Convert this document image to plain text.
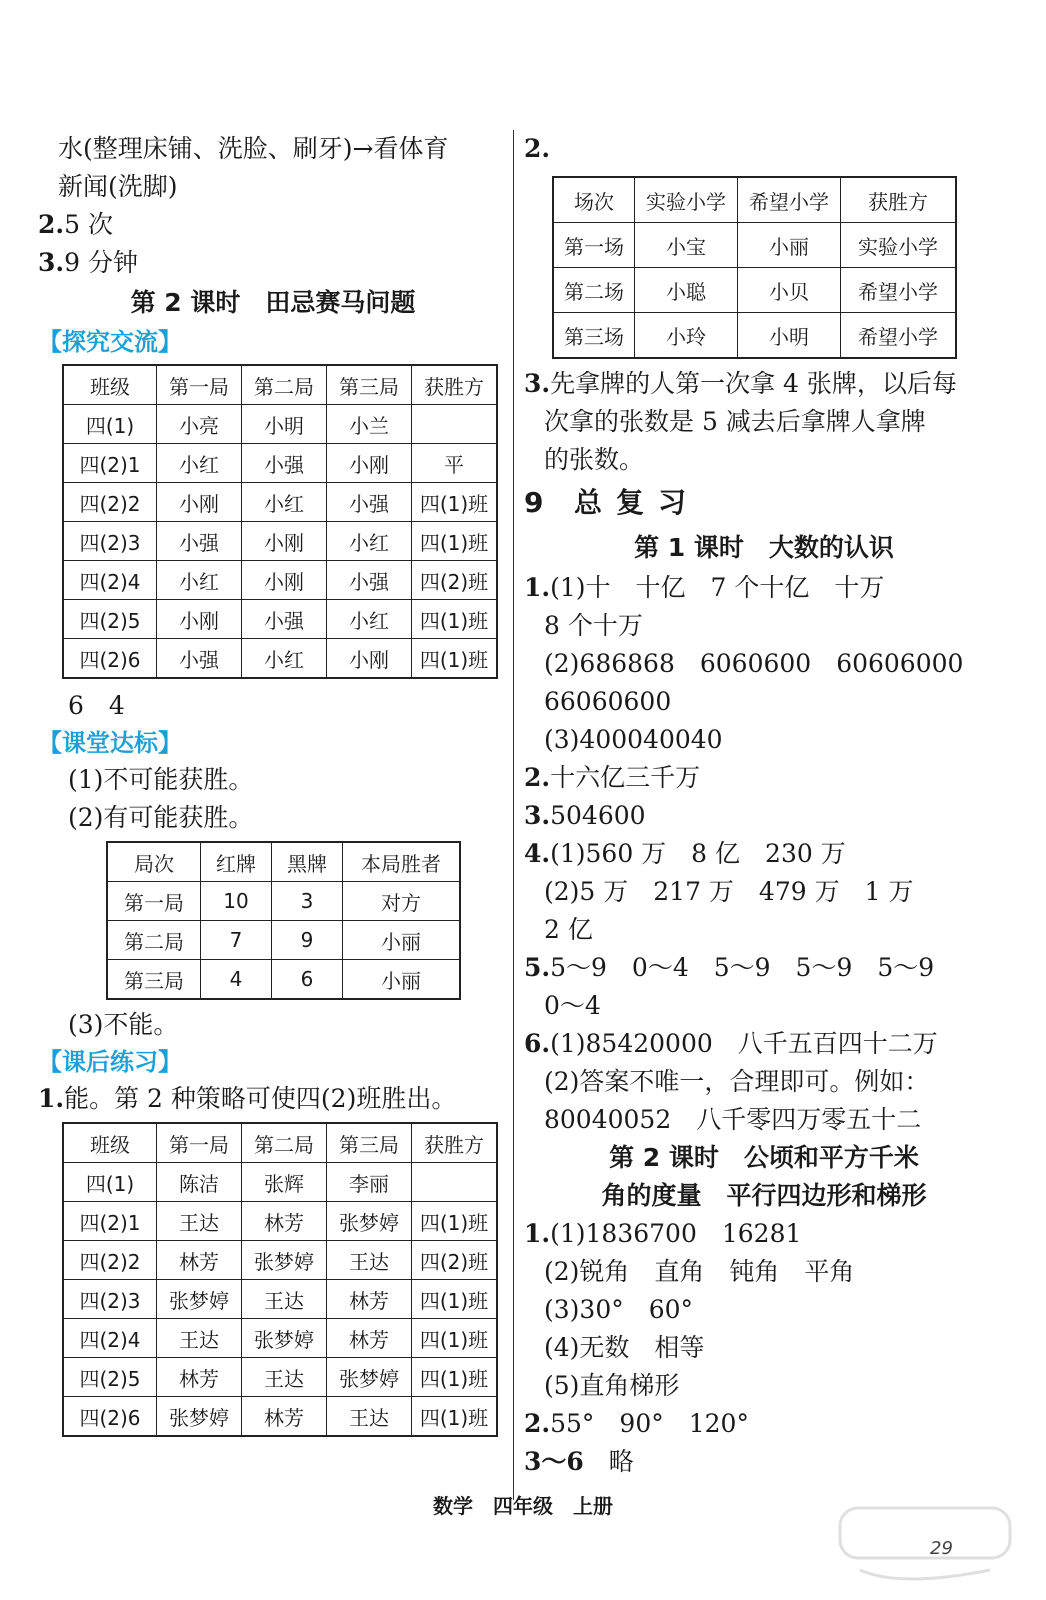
水(整理床铺、洗脸、刷牙)→看体育
新闻(洗脚)
2.5 次
3.9 分钟
第 2 课时　田忌赛马问题
【探究交流】
班级	第一局	第二局	第三局	获胜方
四(1)	小亮	小明	小兰	
四(2)1	小红	小强	小刚	平
四(2)2	小刚	小红	小强	四(1)班
四(2)3	小强	小刚	小红	四(1)班
四(2)4	小红	小刚	小强	四(2)班
四(2)5	小刚	小强	小红	四(1)班
四(2)6	小强	小红	小刚	四(1)班
6　4
【课堂达标】
(1)不可能获胜。
(2)有可能获胜。
局次	红牌	黑牌	本局胜者
第一局	10	3	对方
第二局	7	9	小丽
第三局	4	6	小丽
(3)不能。
【课后练习】
1.能。第 2 种策略可使四(2)班胜出。
班级	第一局	第二局	第三局	获胜方
四(1)	陈洁	张辉	李丽	
四(2)1	王达	林芳	张梦婷	四(1)班
四(2)2	林芳	张梦婷	王达	四(2)班
四(2)3	张梦婷	王达	林芳	四(1)班
四(2)4	王达	张梦婷	林芳	四(1)班
四(2)5	林芳	王达	张梦婷	四(1)班
四(2)6	张梦婷	林芳	王达	四(1)班
2.
场次	实验小学	希望小学	获胜方
第一场	小宝	小丽	实验小学
第二场	小聪	小贝	希望小学
第三场	小玲	小明	希望小学
3.先拿牌的人第一次拿 4 张牌，以后每
次拿的张数是 5 减去后拿牌人拿牌
的张数。
9 总复习
第 1 课时　大数的认识
1.(1)十　十亿　7 个十亿　十万
8 个十万
(2)686868　6060600　60606000
66060600
(3)400040040
2.十六亿三千万
3.504600
4.(1)560 万　8 亿　230 万
(2)5 万　217 万　479 万　1 万
2 亿
5.5～9　0～4　5～9　5～9　5～9
0～4
6.(1)85420000　八千五百四十二万
(2)答案不唯一，合理即可。例如：
80040052　八千零四万零五十二
第 2 课时　公顷和平方千米
角的度量　平行四边形和梯形
1.(1)1836700　16281
(2)锐角　直角　钝角　平角
(3)30°　60°
(4)无数　相等
(5)直角梯形
2.55°　90°　120°
3～6　略
数学　四年级　上册
29
